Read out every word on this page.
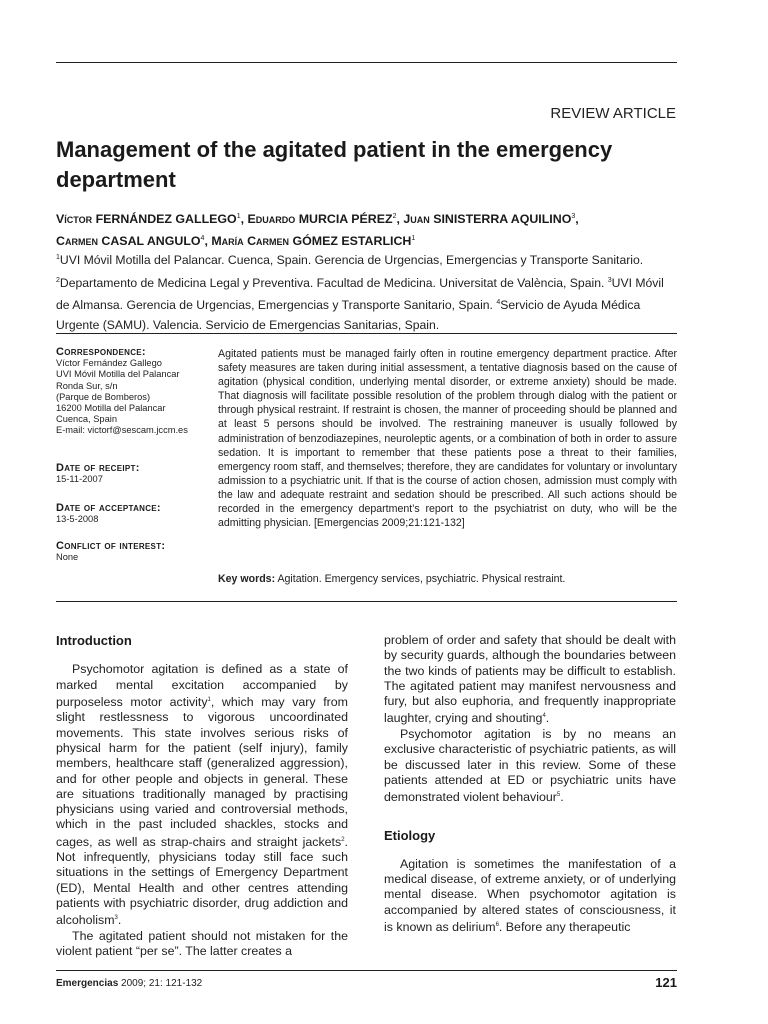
REVIEW ARTICLE
Management of the agitated patient in the emergency department
Víctor FERNÁNDEZ GALLEGO$^1$, Eduardo MURCIA PÉREZ$^2$, Juan SINISTERRA AQUILINO$^3$,
Carmen CASAL ANGULO$^4$, María Carmen GÓMEZ ESTARLICH$^1$
$^1$UVI Móvil Motilla del Palancar. Cuenca, Spain. Gerencia de Urgencias, Emergencias y Transporte Sanitario.
$^2$Departamento de Medicina Legal y Preventiva. Facultad de Medicina. Universitat de València, Spain. $^3$UVI Móvil de Almansa. Gerencia de Urgencias, Emergencias y Transporte Sanitario, Spain. $^4$Servicio de Ayuda Médica Urgente (SAMU). Valencia. Servicio de Emergencias Sanitarias, Spain.
Correspondence:
Víctor Fernández Gallego
UVI Móvil Motilla del Palancar
Ronda Sur, s/n
(Parque de Bomberos)
16200 Motilla del Palancar
Cuenca, Spain
E-mail: victorf@sescam.jccm.es
Date of receipt:
15-11-2007
Date of acceptance:
13-5-2008
Conflict of interest:
None
Agitated patients must be managed fairly often in routine emergency department practice. After safety measures are taken during initial assessment, a tentative diagnosis based on the cause of agitation (physical condition, underlying mental disorder, or extreme anxiety) should be made. That diagnosis will facilitate possible resolution of the problem through dialog with the patient or through physical restraint. If restraint is chosen, the manner of proceeding should be planned and at least 5 persons should be involved. The restraining maneuver is usually followed by administration of benzodiazepines, neuroleptic agents, or a combination of both in order to assure sedation. It is important to remember that these patients pose a threat to their families, emergency room staff, and themselves; therefore, they are candidates for voluntary or involuntary admission to a psychiatric unit. If that is the course of action chosen, admission must comply with the law and adequate restraint and sedation should be prescribed. All such actions should be recorded in the emergency department’s report to the psychiatrist on duty, who will be the admitting physician. [Emergencias 2009;21:121-132]
Key words: Agitation. Emergency services, psychiatric. Physical restraint.
Introduction

Psychomotor agitation is defined as a state of marked mental excitation accompanied by purposeless motor activity$^1$, which may vary from slight restlessness to vigorous uncoordinated movements. This state involves serious risks of physical harm for the patient (self injury), family members, healthcare staff (generalized aggression), and for other people and objects in general. These are situations traditionally managed by practising physicians using varied and controversial methods, which in the past included shackles, stocks and cages, as well as strap-chairs and straight jackets$^2$. Not infrequently, physicians today still face such situations in the settings of Emergency Department (ED), Mental Health and other centres attending patients with psychiatric disorder, drug addiction and alcoholism$^3$.

The agitated patient should not mistaken for the violent patient “per se”. The latter creates a

problem of order and safety that should be dealt with by security guards, although the boundaries between the two kinds of patients may be difficult to establish. The agitated patient may manifest nervousness and fury, but also euphoria, and frequently inappropriate laughter, crying and shouting$^4$.

Psychomotor agitation is by no means an exclusive characteristic of psychiatric patients, as will be discussed later in this review. Some of these patients attended at ED or psychiatric units have demonstrated violent behaviour$^5$.

Etiology

Agitation is sometimes the manifestation of a medical disease, of extreme anxiety, or of underlying mental disease. When psychomotor agitation is accompanied by altered states of consciousness, it is known as delirium$^6$. Before any therapeutic

Emergencias 2009; 21: 121-132	121
